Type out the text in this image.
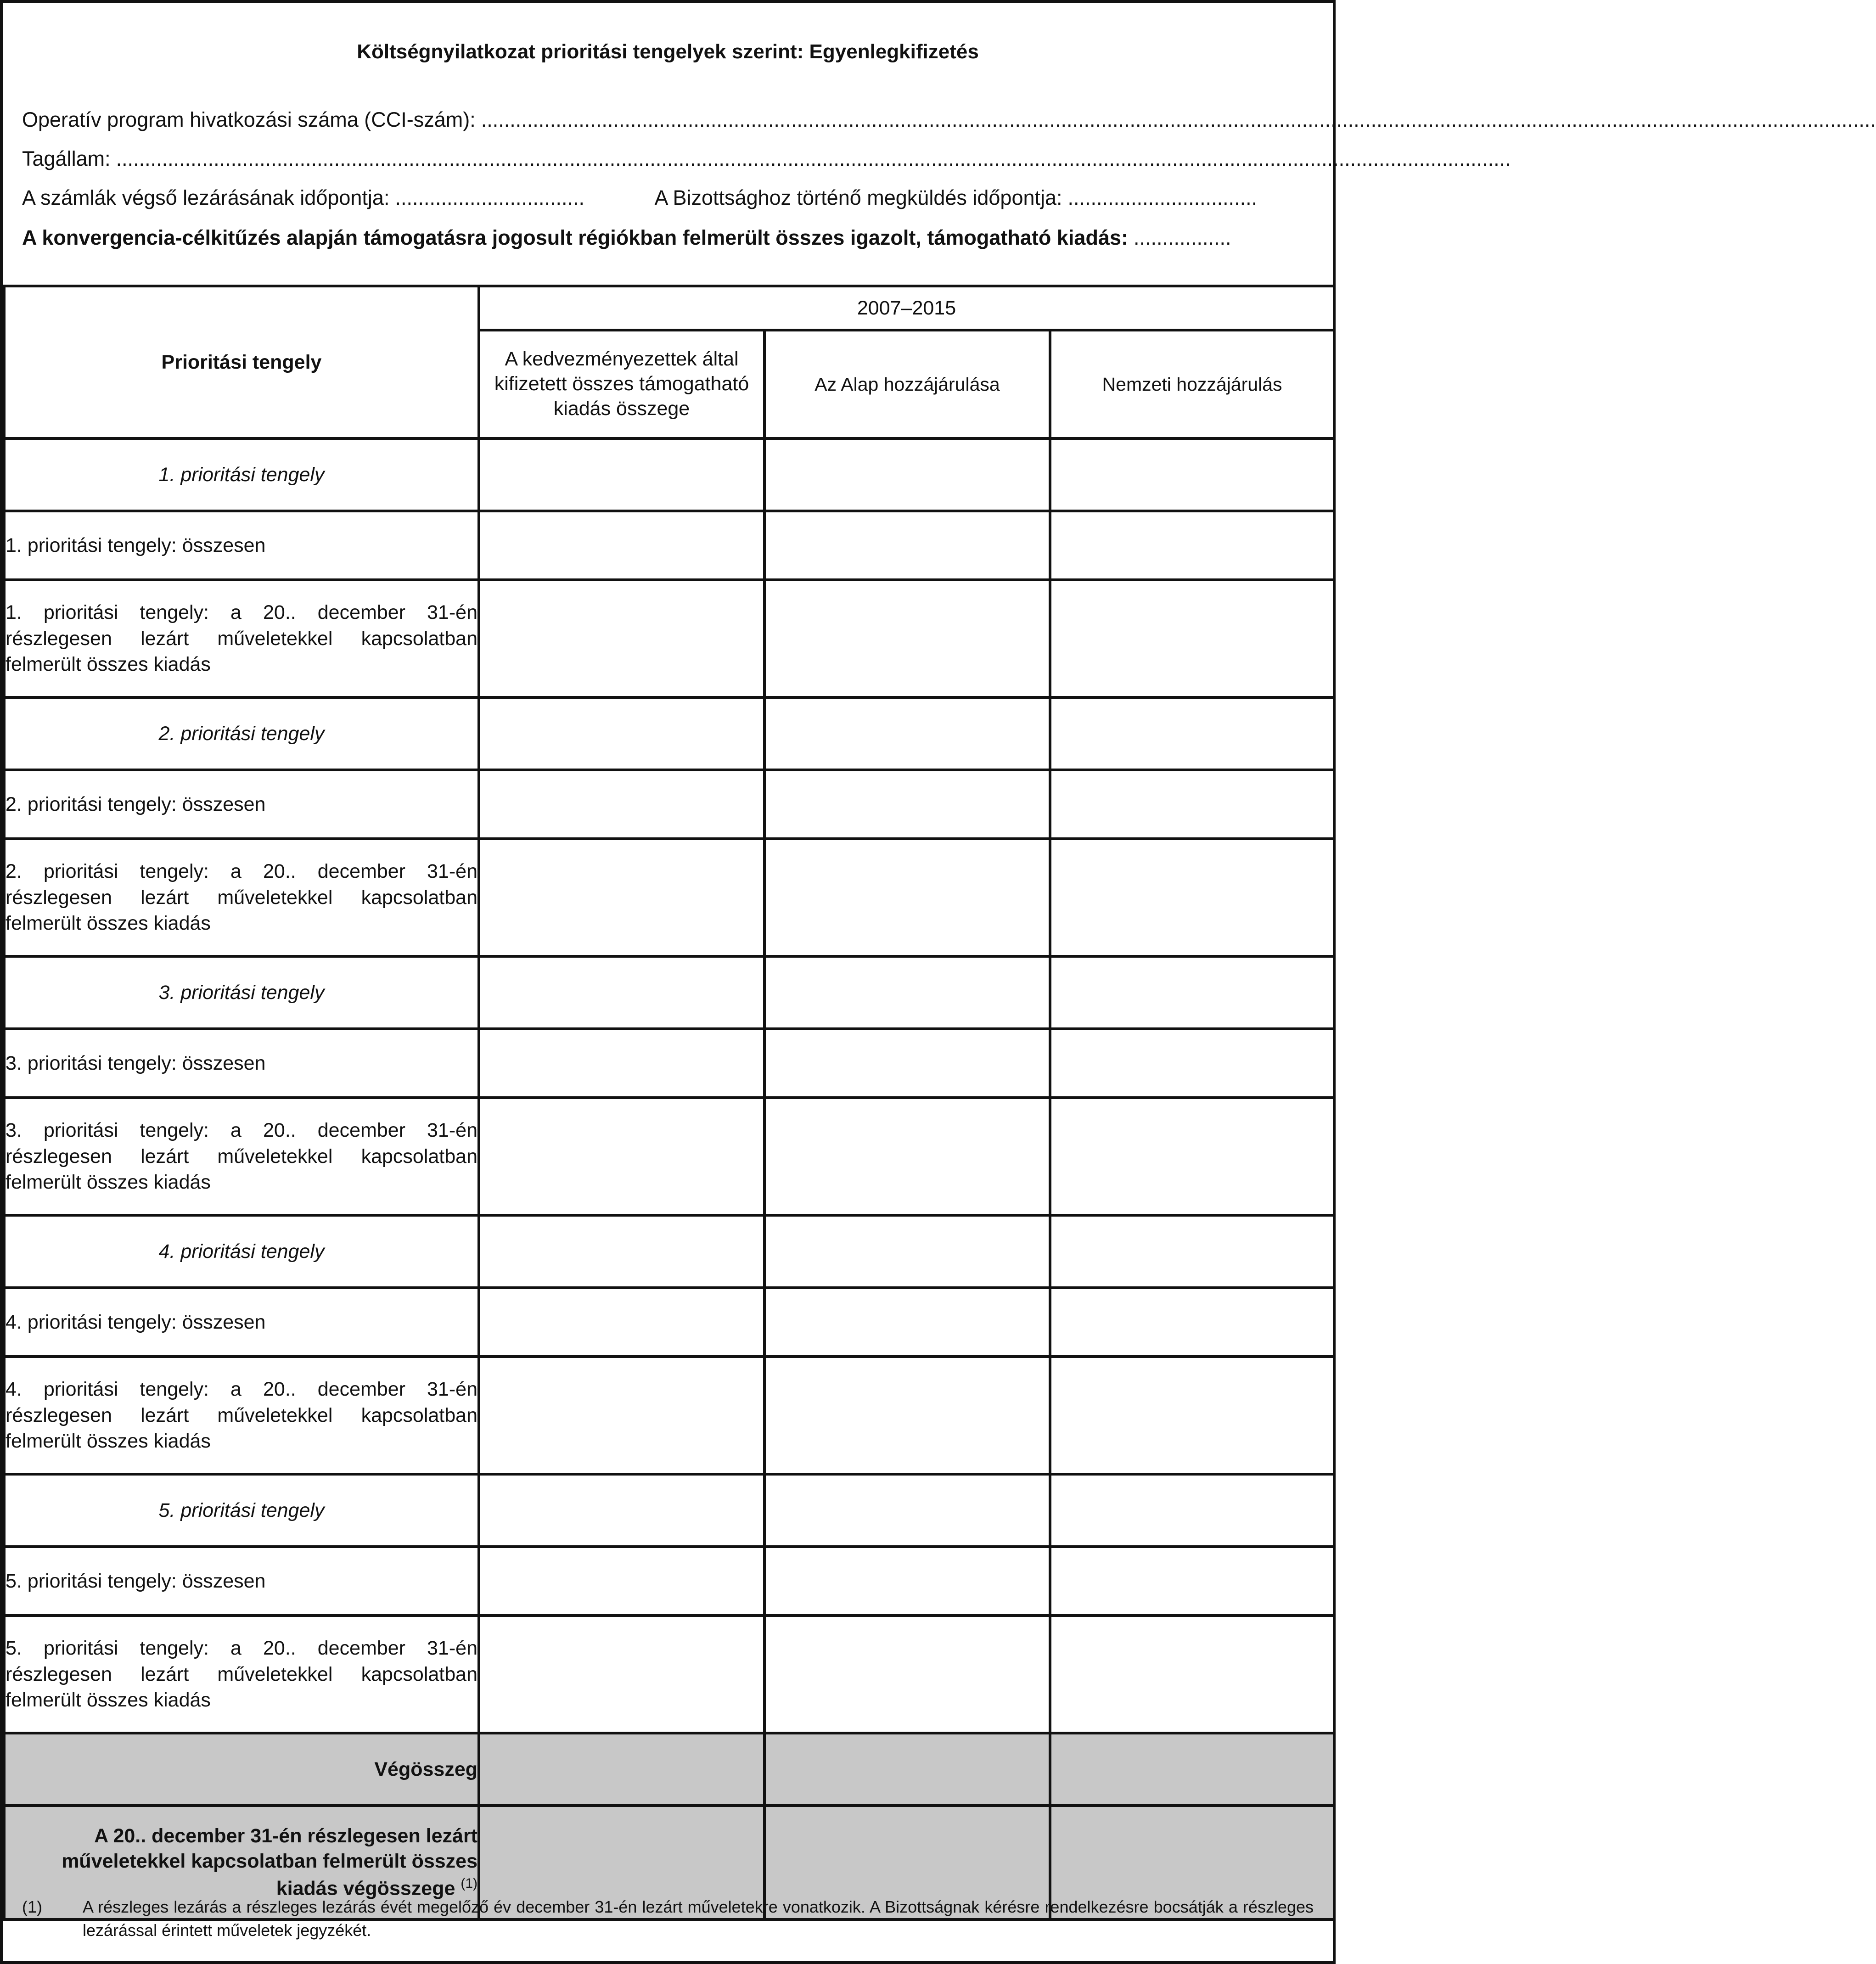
Költségnyilatkozat prioritási tengelyek szerint: Egyenlegkifizetés
Operatív program hivatkozási száma (CCI-szám): ...................................................................................................................................................................................................................................................
Tagállam: ...................................................................................................................................................................................................................................................
A számlák végső lezárásának időpontja: .................................	A Bizottsághoz történő megküldés időpontja: .................................
A konvergencia-célkitűzés alapján támogatásra jogosult régiókban felmerült összes igazolt, támogatható kiadás: .................
Prioritási tengely	2007–2015		
	A kedvezményezettek által kifizetett összes támogatható kiadás összege	Az Alap hozzájárulása	Nemzeti hozzájárulás
1. prioritási tengely			
1. prioritási tengely: összesen			
1. prioritási tengely: a 20.. december 31-én részlegesen lezárt műveletekkel kapcsolatban felmerült összes kiadás			
2. prioritási tengely			
2. prioritási tengely: összesen			
2. prioritási tengely: a 20.. december 31-én részlegesen lezárt műveletekkel kapcsolatban felmerült összes kiadás			
3. prioritási tengely			
3. prioritási tengely: összesen			
3. prioritási tengely: a 20.. december 31-én részlegesen lezárt műveletekkel kapcsolatban felmerült összes kiadás			
4. prioritási tengely			
4. prioritási tengely: összesen			
4. prioritási tengely: a 20.. december 31-én részlegesen lezárt műveletekkel kapcsolatban felmerült összes kiadás			
5. prioritási tengely			
5. prioritási tengely: összesen			
5. prioritási tengely: a 20.. december 31-én részlegesen lezárt műveletekkel kapcsolatban felmerült összes kiadás			
Végösszeg			
A 20.. december 31-én részlegesen lezárt műveletekkel kapcsolatban felmerült összes kiadás végösszege $^{(1)}$			
(1)	A részleges lezárás a részleges lezárás évét megelőző év december 31-én lezárt műveletekre vonatkozik. A Bizottságnak kérésre rendelkezésre bocsátják a részleges lezárással érintett műveletek jegyzékét.
